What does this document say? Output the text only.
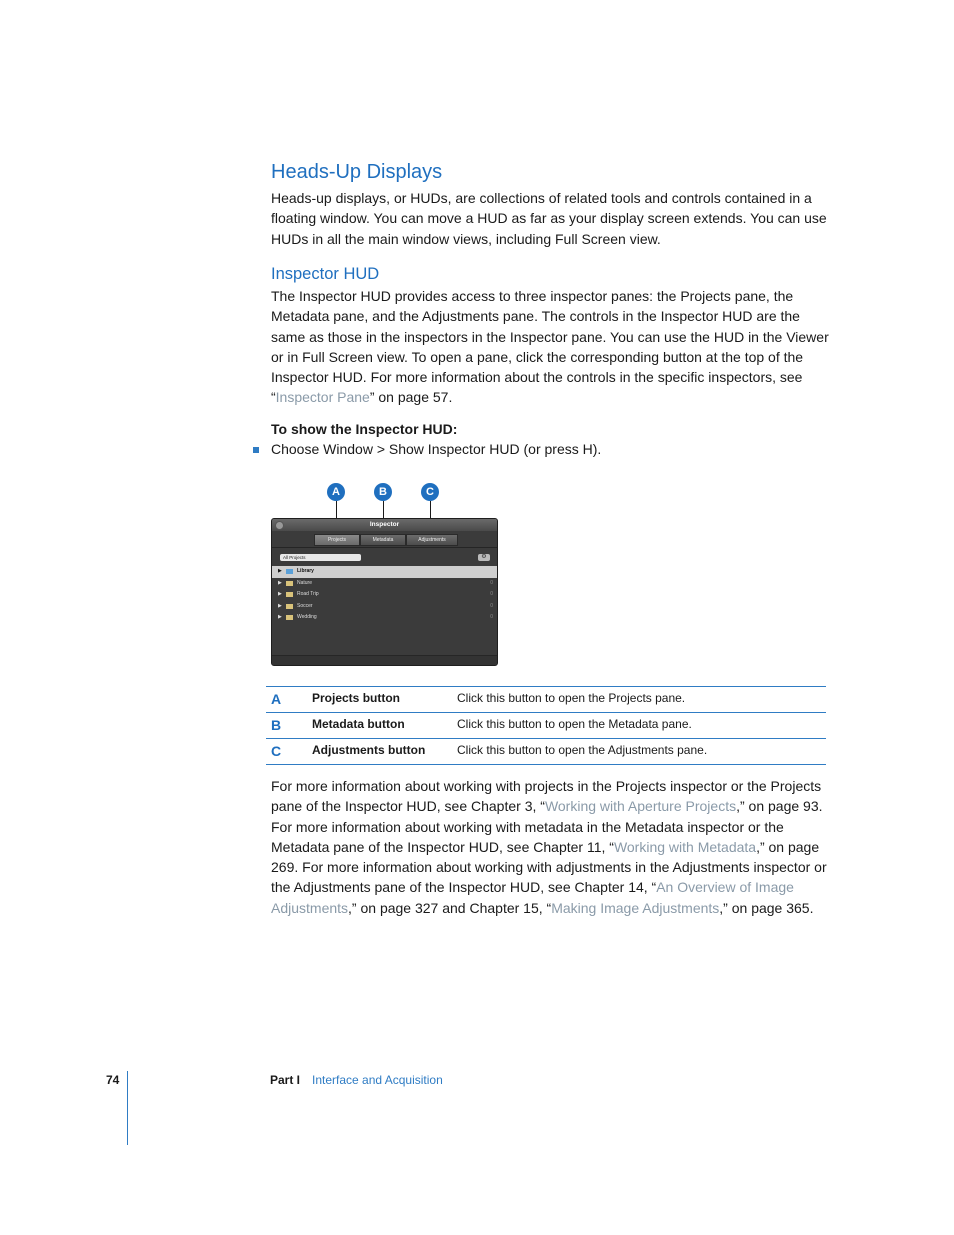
Heads-Up Displays
Heads-up displays, or HUDs, are collections of related tools and controls contained in a floating window. You can move a HUD as far as your display screen extends. You can use HUDs in all the main window views, including Full Screen view.
Inspector HUD
The Inspector HUD provides access to three inspector panes: the Projects pane, the Metadata pane, and the Adjustments pane. The controls in the Inspector HUD are the same as those in the inspectors in the Inspector pane. You can use the HUD in the Viewer or in Full Screen view. To open a pane, click the corresponding button at the top of the Inspector HUD. For more information about the controls in the specific inspectors, see “Inspector Pane” on page 57.
To show the Inspector HUD:
Choose Window > Show Inspector HUD (or press H).
A	B	C
Inspector
Projects	Metadata	Adjustments
All Projects	⚙
▶	Library
▶	Nature	0
▶	Road Trip	0
▶	Soccer	0
▶	Wedding	0
A	Projects button	Click this button to open the Projects pane.
B	Metadata button	Click this button to open the Metadata pane.
C	Adjustments button	Click this button to open the Adjustments pane.
For more information about working with projects in the Projects inspector or the Projects pane of the Inspector HUD, see Chapter 3, “Working with Aperture Projects,” on page 93. For more information about working with metadata in the Metadata inspector or the Metadata pane of the Inspector HUD, see Chapter 11, “Working with Metadata,” on page 269. For more information about working with adjustments in the Adjustments inspector or the Adjustments pane of the Inspector HUD, see Chapter 14, “An Overview of Image Adjustments,” on page 327 and Chapter 15, “Making Image Adjustments,” on page 365.
74	Part I Interface and Acquisition
